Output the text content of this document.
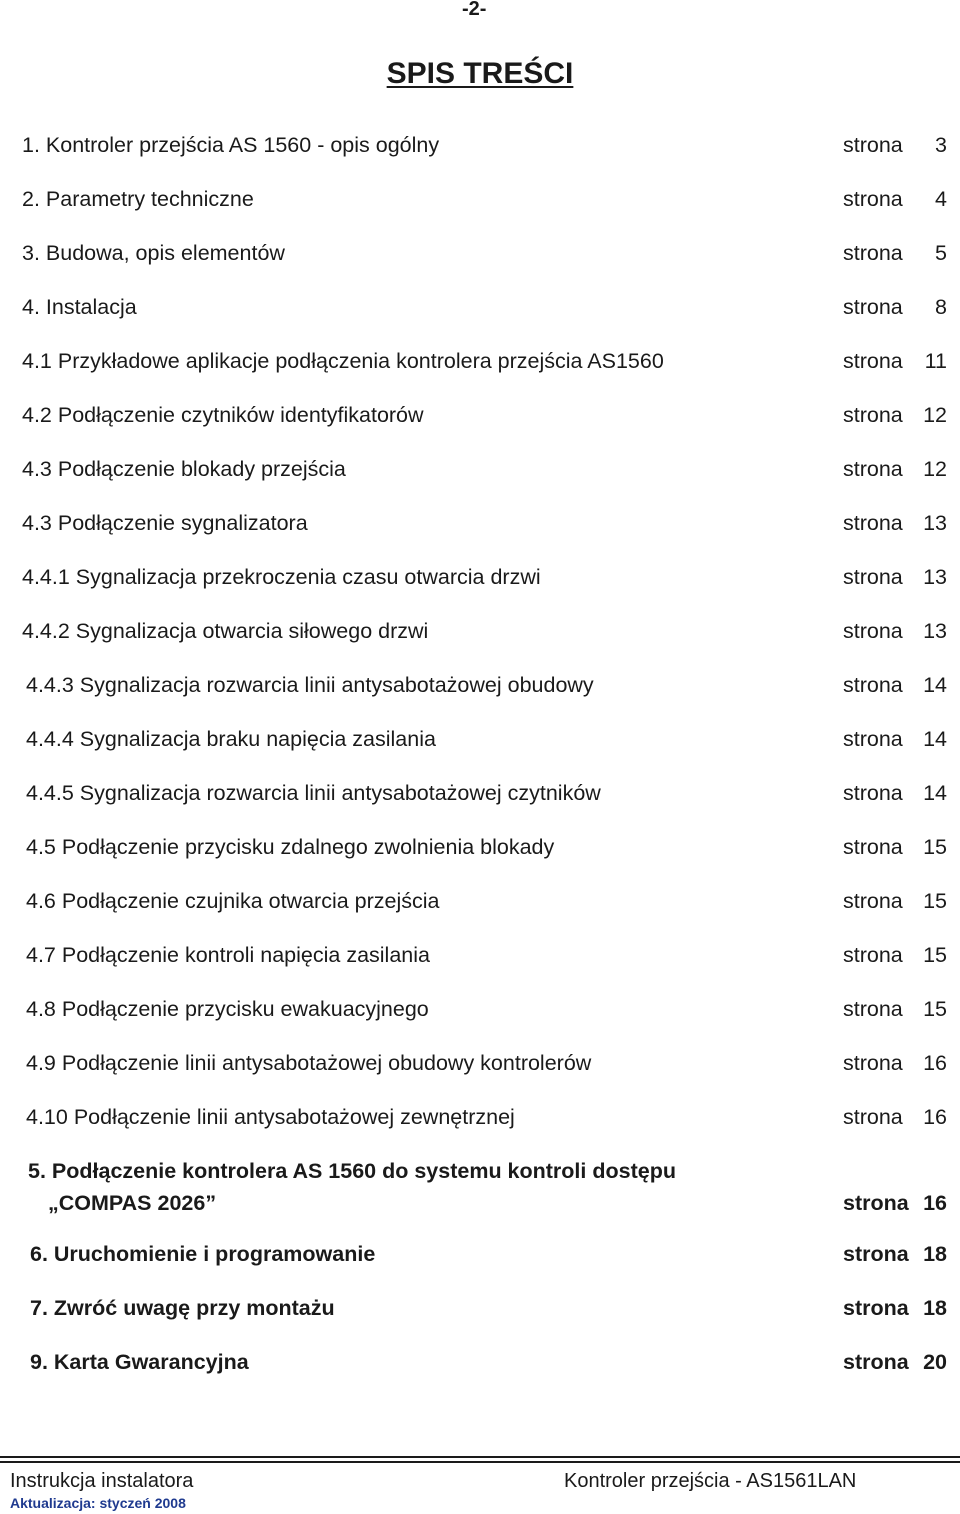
-2-
SPIS TREŚCI
1. Kontroler przejścia AS 1560 - opis ogólny	strona 3
2. Parametry techniczne	strona 4
3. Budowa, opis elementów	strona 5
4. Instalacja	strona 8
4.1 Przykładowe aplikacje podłączenia kontrolera przejścia AS1560	strona 11
4.2 Podłączenie czytników identyfikatorów	strona 12
4.3 Podłączenie blokady przejścia	strona 12
4.3 Podłączenie sygnalizatora	strona 13
4.4.1 Sygnalizacja przekroczenia czasu otwarcia drzwi	strona 13
4.4.2 Sygnalizacja otwarcia siłowego drzwi	strona 13
4.4.3 Sygnalizacja rozwarcia linii antysabotażowej obudowy	strona 14
4.4.4 Sygnalizacja braku napięcia zasilania	strona 14
4.4.5 Sygnalizacja rozwarcia linii antysabotażowej czytników	strona 14
4.5 Podłączenie przycisku zdalnego zwolnienia blokady	strona 15
4.6 Podłączenie czujnika otwarcia przejścia	strona 15
4.7 Podłączenie kontroli napięcia zasilania	strona 15
4.8 Podłączenie przycisku ewakuacyjnego	strona 15
4.9 Podłączenie linii antysabotażowej obudowy kontrolerów	strona 16
4.10 Podłączenie linii antysabotażowej zewnętrznej	strona 16
5. Podłączenie kontrolera AS 1560 do systemu kontroli dostępu
„COMPAS 2026”	strona 16
6. Uruchomienie i programowanie	strona 18
7. Zwróć uwagę przy montażu	strona 18
9. Karta Gwarancyjna	strona 20
Instrukcja instalatora	Kontroler przejścia - AS1561LAN
Aktualizacja: styczeń 2008
